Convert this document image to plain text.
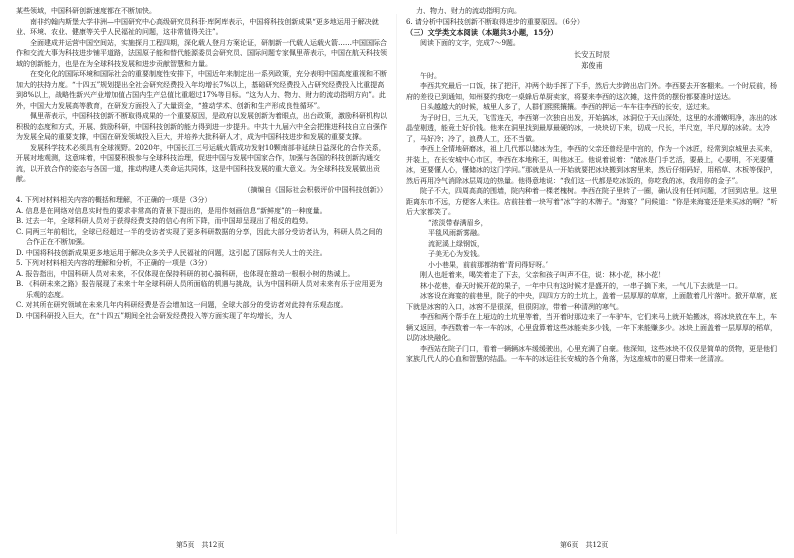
某些领域，中国科研创新速度都在不断加快。

南非约翰内斯堡大学非洲—中国研究中心高级研究员科菲·库阿库表示，中国将科技创新成果“更多地运用于解决就业、环境、农业、健康等关乎人民福祉的问题，这非常值得关注”。

全面建成并运营中国空间站，实施探月工程四期，深化载人登月方案论证，研制新一代载人运载火箭……中国国际合作和交流大事为科技进步铺平道路，法国原子能和替代能源委员会研究员、国际问题专家佩里蒂表示，中国在航天科技领域的创新能力，也是在为全球科技发展和进步贡献智慧和力量。

在变化化的国际环境和国际社会的重要制度性安排下，中国近年来制定出一系列政策，充分表明中国高度重视和不断加大的扶持力度。“十四五”规划提出全社会研究经费投入年均增长7%以上，基础研究经费投入占研究经费投入比重提高到8%以上，战略性新兴产业增加值占国内生产总值比重超过17%等目标。“这为人力、物力、财力的流动指明方向”。此外，中国大力发展高等教育，在研发方面投入了大量资金，“推动学术、创新和生产形成良性循环”。

佩里蒂表示，中国科技创新不断取得成果的一个重要原因，是政府以发展创新为着眼点，出台政策，激励科研机构以积极的态度和方式，开展、鼓励科研，中国科技创新的能力得到进一步提升。中共十九届六中全会把推进科技自立自强作为发展全局的重要支撑，中国在研发领域投入巨大，并培养大批科研人才，成为中国科技进步和发展的重要支撑。

发展科学技术必须具有全球视野。2020年，中国长江三号运载火箭成功发射10颗南部非延续日益深化的合作关系，开展对地观测，这意味着，中国要积极参与全球科技治理，促进中国与发展中国家合作，加强与各国的科技创新沟通交流，以开放合作的姿态与各国一道，推动构建人类命运共同体，这是中国科技发展的重大意义。为全球科技发展做出贡献。

（摘编自《国际社会积极评价中国科技创新》）

4. 下列对材料相关内容的概括和理解，不正确的一项是（3分）

A. 信息是在网络对信息实时性的要求非常高的背景下提出的，是用作刻画信息“新鲜度”的一种度量。

B. 过去一年，全球科研人员对于获得经费支持的信心有所下降，而中国却呈现出了相反的趋势。

C. 同两三年前相比，全球已经超过一半的受访者实现了更多科研数据的分享，因此大部分受访者认为，科研人员之间的合作正在不断加强。

D. 中国将科技创新成果更多地运用于解决众多关乎人民福祉的问题，这引起了国际有关人士的关注。

5. 下列对材料相关内容的理解和分析，不正确的一项是（3分）

A. 报告指出，中国科研人员对未来，不仅体现在保持科研的初心搞科研，也体现在推动一根根小树的热诚上。

B. 《科研未来之路》报告展现了未来十年全球科研人员所面临的机遇与挑战，认为中国科研人员对未来有乐于应用更为乐观的态度。

C. 对其所在研究领域在未来几年内科研经费是否会增加这一问题，全球大部分的受访者对此持有乐观态度。

D. 中国科研投入巨大，在“十四五”期间全社会研发经费投入等方面实现了年均增长，为人

力、物力、财力的流动指明方向。

6. 请分析中国科技创新不断取得进步的重要原因。（6分）

（三）文学类文本阅读（本题共3小题，15分）

阅读下面的文字，完成7～9题。

长安五时辰

郑俊甫

午时。

李西共究最后一口饭，抹了把汗，冲两个助手挥了下手，然后大步跨出店门外。李西要去开客棚来。一个时辰前，杨府的差役已到通知，知州要约我吃一桌蜂后单厨卖家，将要来李西的这次摊，这件货的摆份都要准时送达。

日头越越大的时候，城里人多了，人群们熙熙攘攘。李西的押运一车车往李西的长安，送过来。

为子时日，三九天，飞雪连天，李西第一次独自出发，开始搞冰，冰洞位于天山深处，这里的水滑嫩明净，冻出的冰晶莹剔透，能竟土好价钱。他来在洞里找到最厚最硬的冰，一块块切下来，切成一尺长，半尺宽，半尺厚的冰砖。太冷了，马好冷；冷了，浪费人工，还不当做。

李西上全情地研磨冰，祖上几代都以储冰为生，李西的父亲还曾经是中宫的，作为一个冰匠，经常到京城里去买来，并装上，在长安城中心市区，李西在本地称王，叫他冰王。他说着说着：“储冰是门手艺活，要最上，心要明，不光要懂冰，更要懂人心，懂储冰的这门学问。”那就是从一开始就要把冰块搬到冰窖里来，然后仔细码好，用稻草、木板等保护，然后再用冷气消除冰层周边的热量。他得意地说：“我们这一代都是吃冰饭的，你吃我的冰，我用你的金子”。

院子不大，四周高高的围墙，院内种着一棵老槐树。李西在院子里转了一圈，确认没有任何问题，才回到店里。这里距离东市不远，方便客人来往。店前挂着一块写着“冰”字的木牌子。“海宴？”问候道：“你是来海宴还是来买冰的啊？”听后大家都笑了。

“浓淡带春满眉乡，

平毯风雨新雾融。

流泥溪上绿钢饭，

子美无心为发钱。

小小巷果，前前那都纳着‘青问得好呀。’

刚人也赶着来，喝笑着走了下去，父亲和孩子叫声不住，说：林小花，林小花！

林小花巷，春天时候开花的果子，一年中只有这时候才是盛开的，一串子摘下来，一气儿下去就是一口。

冰客设在海宴的前巷里，院子的中央，四四方方的土坑上，盖着一层厚厚的草席，上面散着几片落叶。掀开草席，底下就是冰窖的入口，冰窖不是很深，但很阴凉，带着一种清冽的寒气。

李西和两个帮手在上垭边的土坑里等着，当开着时那边来了一车驴车，它们来马上就开始搬冰，将冰块放在车上，车辆又返回，李西数着一车一车的冰，心里盘算着这些冰能卖多少钱，一年下来能赚多少。冰块上面盖着一层厚厚的稻草，以防冰块融化。

李西站在院子门口，看着一辆辆冰车缓缓驶出，心里充满了自豪。他深知，这些冰块不仅仅是简单的货物，更是他们家族几代人的心血和智慧的结晶。一车车的冰运往长安城的各个角落，为这座城市的夏日带来一丝清凉。

第5页　共12页	第6页　共12页
